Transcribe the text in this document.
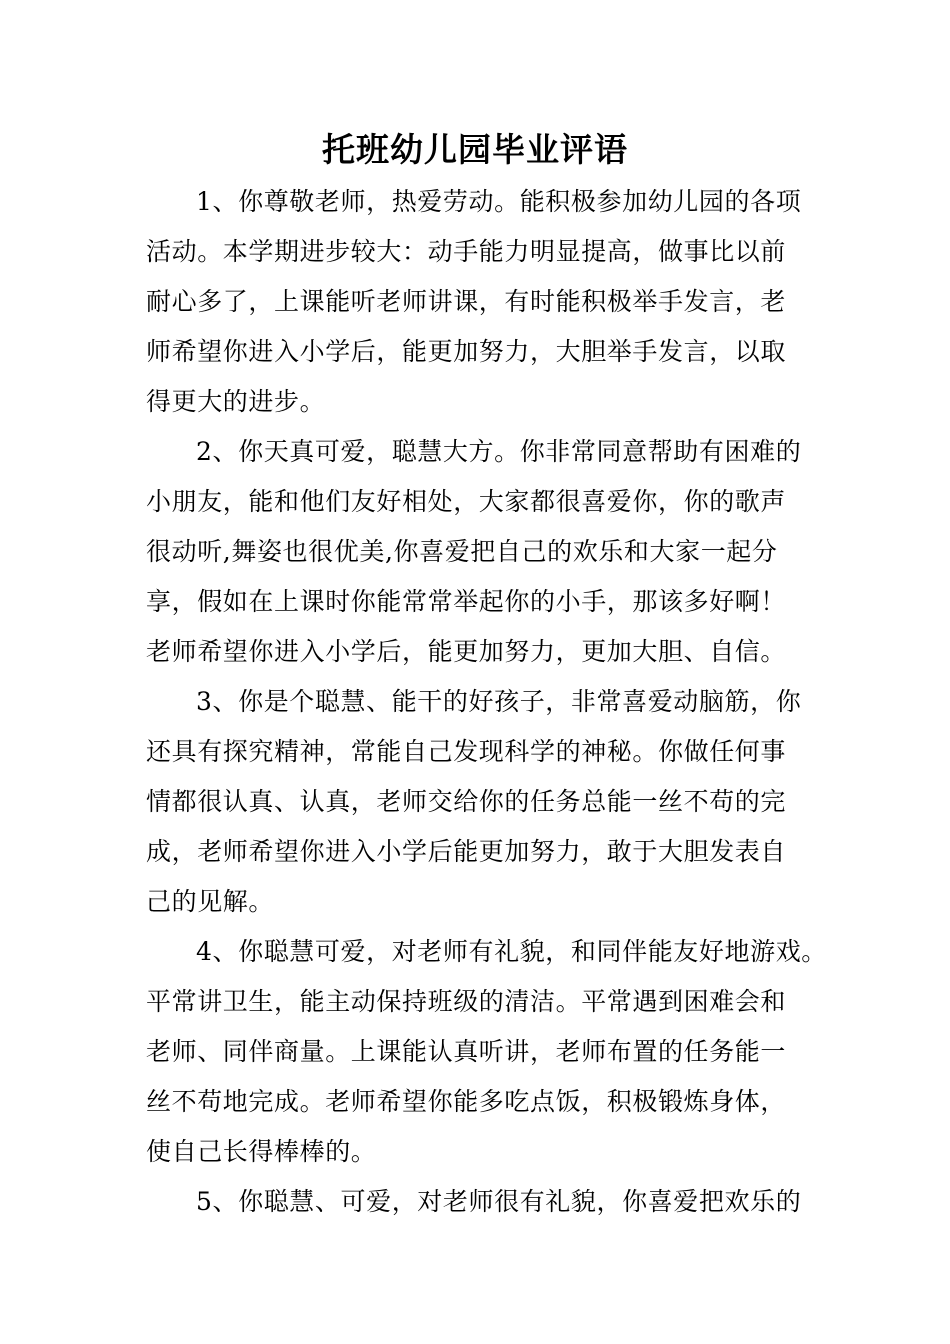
托班幼儿园毕业评语
1、你尊敬老师，热爱劳动。能积极参加幼儿园的各项
活动。本学期进步较大：动手能力明显提高，做事比以前
耐心多了，上课能听老师讲课，有时能积极举手发言，老
师希望你进入小学后，能更加努力，大胆举手发言，以取
得更大的进步。
2、你天真可爱，聪慧大方。你非常同意帮助有困难的
小朋友，能和他们友好相处，大家都很喜爱你，你的歌声
很动听,舞姿也很优美,你喜爱把自己的欢乐和大家一起分
享，假如在上课时你能常常举起你的小手，那该多好啊！
老师希望你进入小学后，能更加努力，更加大胆、自信。
3、你是个聪慧、能干的好孩子，非常喜爱动脑筋，你
还具有探究精神，常能自己发现科学的神秘。你做任何事
情都很认真、认真，老师交给你的任务总能一丝不苟的完
成，老师希望你进入小学后能更加努力，敢于大胆发表自
己的见解。
4、你聪慧可爱，对老师有礼貌，和同伴能友好地游戏。
平常讲卫生，能主动保持班级的清洁。平常遇到困难会和
老师、同伴商量。上课能认真听讲，老师布置的任务能一
丝不苟地完成。老师希望你能多吃点饭，积极锻炼身体，
使自己长得棒棒的。
5、你聪慧、可爱，对老师很有礼貌，你喜爱把欢乐的
